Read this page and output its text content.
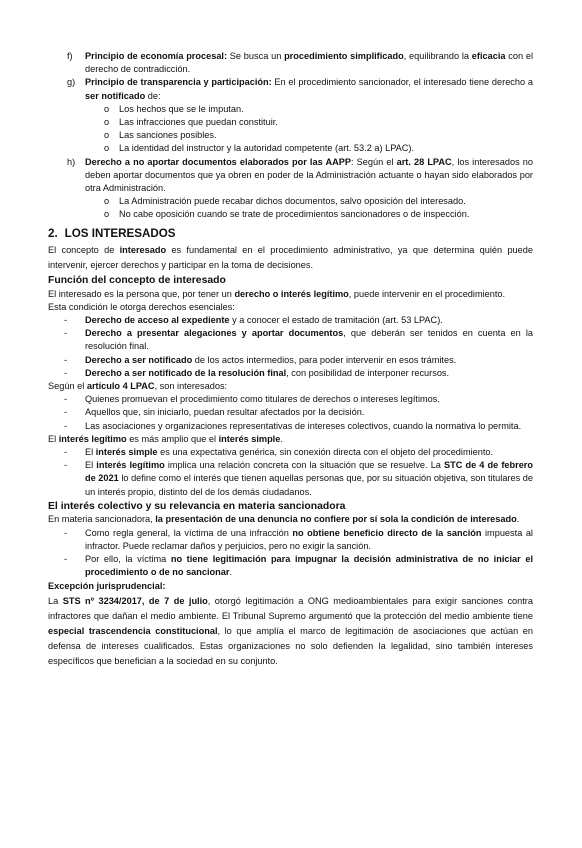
f) Principio de economía procesal: Se busca un procedimiento simplificado, equilibrando la eficacia con el derecho de contradicción.
g) Principio de transparencia y participación: En el procedimiento sancionador, el interesado tiene derecho a ser notificado de:
o Los hechos que se le imputan.
o Las infracciones que puedan constituir.
o Las sanciones posibles.
o La identidad del instructor y la autoridad competente (art. 53.2 a) LPAC).
h) Derecho a no aportar documentos elaborados por las AAPP: Según el art. 28 LPAC, los interesados no deben aportar documentos que ya obren en poder de la Administración actuante o hayan sido elaborados por otra Administración.
o La Administración puede recabar dichos documentos, salvo oposición del interesado.
o No cabe oposición cuando se trate de procedimientos sancionadores o de inspección.
2. LOS INTERESADOS

El concepto de interesado es fundamental en el procedimiento administrativo, ya que determina quién puede intervenir, ejercer derechos y participar en la toma de decisiones.

Función del concepto de interesado

El interesado es la persona que, por tener un derecho o interés legítimo, puede intervenir en el procedimiento.

Esta condición le otorga derechos esenciales:

- Derecho de acceso al expediente y a conocer el estado de tramitación (art. 53 LPAC).
- Derecho a presentar alegaciones y aportar documentos, que deberán ser tenidos en cuenta en la resolución final.
- Derecho a ser notificado de los actos intermedios, para poder intervenir en esos trámites.
- Derecho a ser notificado de la resolución final, con posibilidad de interponer recursos.

Según el artículo 4 LPAC, son interesados:

- Quienes promuevan el procedimiento como titulares de derechos o intereses legítimos.
- Aquellos que, sin iniciarlo, puedan resultar afectados por la decisión.
- Las asociaciones y organizaciones representativas de intereses colectivos, cuando la normativa lo permita.

El interés legítimo es más amplio que el interés simple.

- El interés simple es una expectativa genérica, sin conexión directa con el objeto del procedimiento.
- El interés legítimo implica una relación concreta con la situación que se resuelve. La STC de 4 de febrero de 2021 lo define como el interés que tienen aquellas personas que, por su situación objetiva, son titulares de un interés propio, distinto del de los demás ciudadanos.
El interés colectivo y su relevancia en materia sancionadora

En materia sancionadora, la presentación de una denuncia no confiere por sí sola la condición de interesado.

- Como regla general, la víctima de una infracción no obtiene beneficio directo de la sanción impuesta al infractor. Puede reclamar daños y perjuicios, pero no exigir la sanción.
- Por ello, la víctima no tiene legitimación para impugnar la decisión administrativa de no iniciar el procedimiento o de no sancionar.

Excepción jurisprudencial:

La STS nº 3234/2017, de 7 de julio, otorgó legitimación a ONG medioambientales para exigir sanciones contra infractores que dañan el medio ambiente. El Tribunal Supremo argumentó que la protección del medio ambiente tiene especial trascendencia constitucional, lo que amplía el marco de legitimación de asociaciones que actúan en defensa de intereses cualificados. Estas organizaciones no solo defienden la legalidad, sino también intereses específicos que benefician a la sociedad en su conjunto.
